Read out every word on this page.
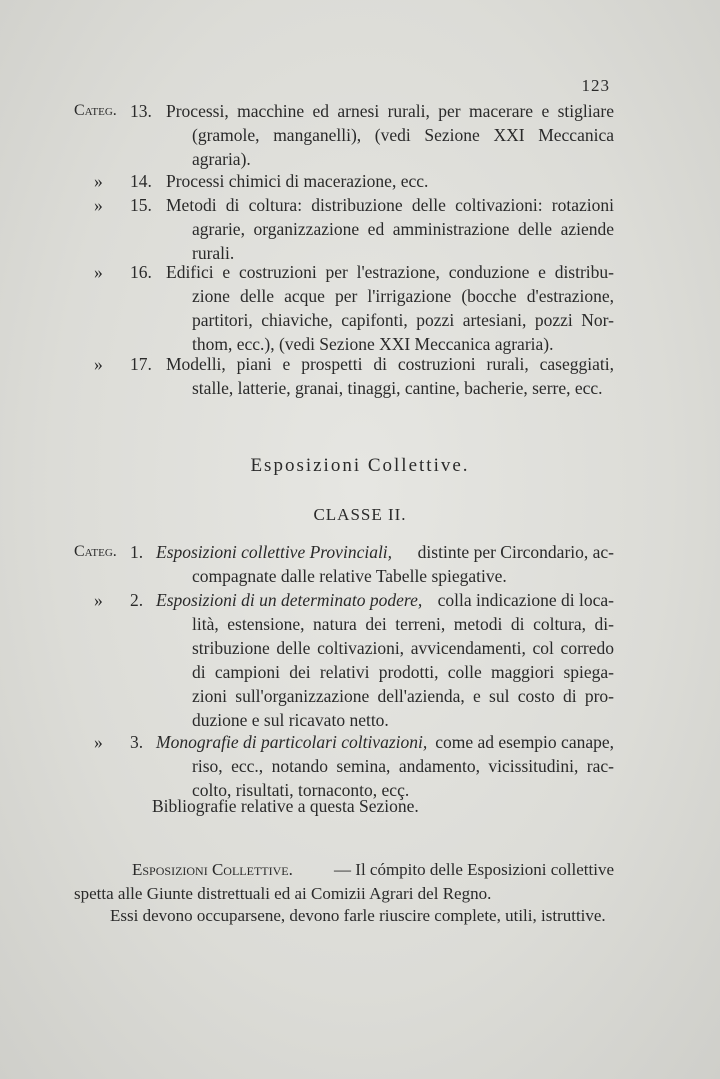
123
Categ. 13. Processi, macchine ed arnesi rurali, per macerare e stigliare
(gramole, manganelli), (vedi Sezione XXI Meccanica
agraria).
» 14. Processi chimici di macerazione, ecc.
» 15. Metodi di coltura: distribuzione delle coltivazioni: rotazioni
agrarie, organizzazione ed amministrazione delle aziende
rurali.
» 16. Edifici e costruzioni per l'estrazione, conduzione e distribu-
zione delle acque per l'irrigazione (bocche d'estrazione,
partitori, chiaviche, capifonti, pozzi artesiani, pozzi Nor-
thom, ecc.), (vedi Sezione XXI Meccanica agraria).
» 17. Modelli, piani e prospetti di costruzioni rurali, caseggiati,
stalle, latterie, granai, tinaggi, cantine, bacherie, serre, ecc.
Esposizioni Collettive.
CLASSE II.
Categ. 1. Esposizioni collettive Provinciali, distinte per Circondario, ac-
compagnate dalle relative Tabelle spiegative.
» 2. Esposizioni di un determinato podere, colla indicazione di loca-
lità, estensione, natura dei terreni, metodi di coltura, di-
stribuzione delle coltivazioni, avvicendamenti, col corredo
di campioni dei relativi prodotti, colle maggiori spiega-
zioni sull'organizzazione dell'azienda, e sul costo di pro-
duzione e sul ricavato netto.
» 3. Monografie di particolari coltivazioni, come ad esempio canape,
riso, ecc., notando semina, andamento, vicissitudini, rac-
colto, risultati, tornaconto, ecç.
Bibliografie relative a questa Sezione.
Esposizioni Collettive. — Il cómpito delle Esposizioni collettive
spetta alle Giunte distrettuali ed ai Comizii Agrari del Regno.
Essi devono occuparsene, devono farle riuscire complete, utili, istruttive.
